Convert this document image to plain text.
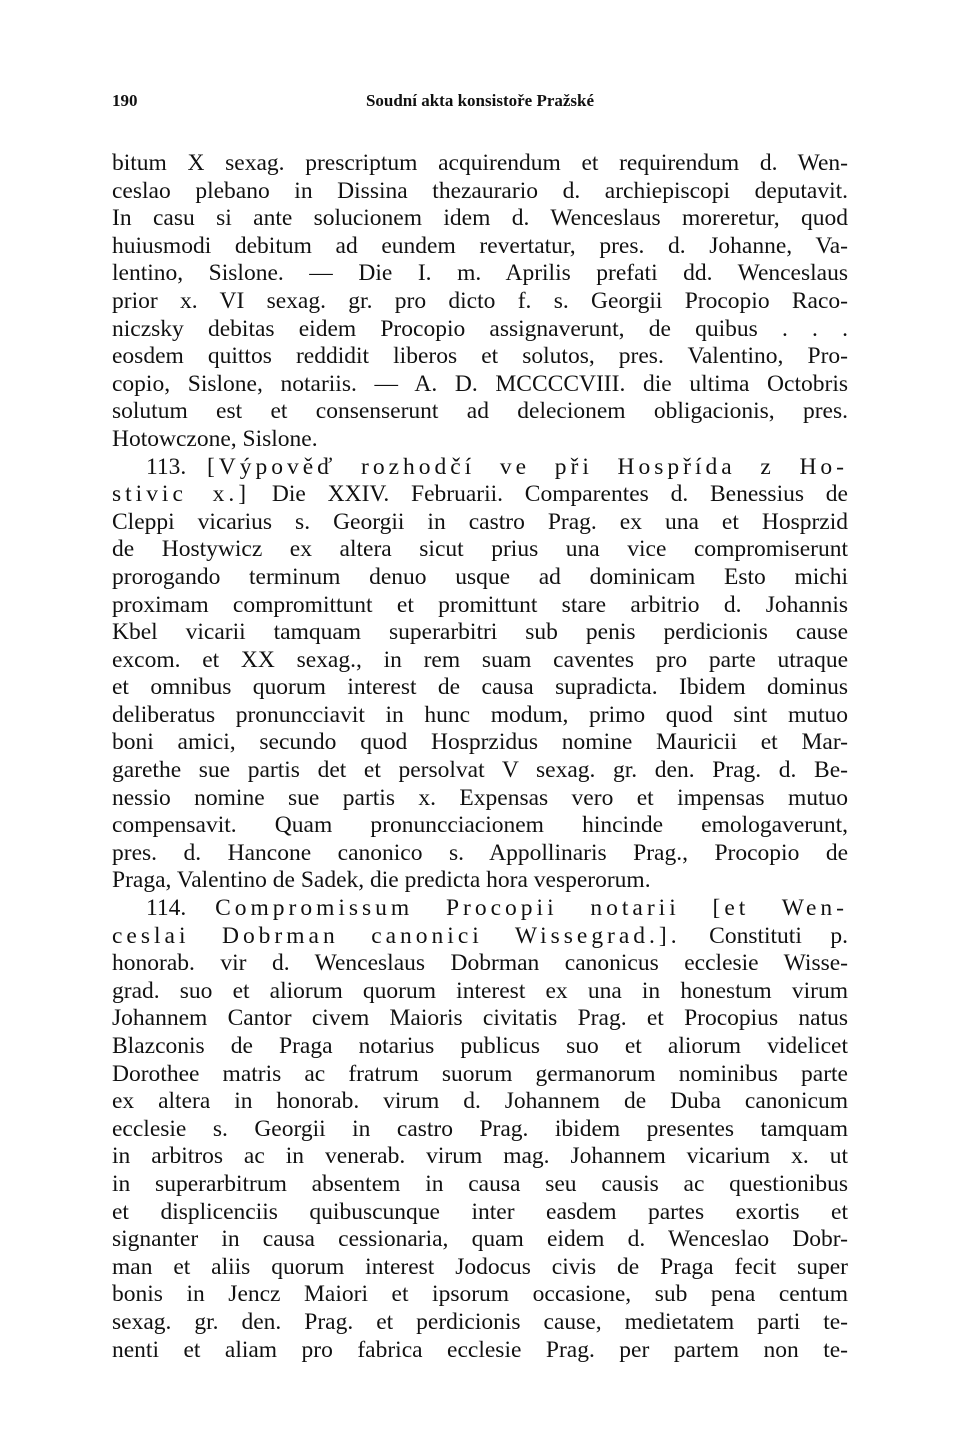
190	Soudní akta konsistoře Pražské
bitum X sexag. prescriptum acquirendum et requirendum d. Wen-
ceslao plebano in Dissina thezaurario d. archiepiscopi deputavit.
In casu si ante solucionem idem d. Wenceslaus moreretur, quod
huiusmodi debitum ad eundem revertatur, pres. d. Johanne, Va-
lentino, Sislone. — Die I. m. Aprilis prefati dd. Wenceslaus
prior x. VI sexag. gr. pro dicto f. s. Georgii Procopio Raco-
niczsky debitas eidem Procopio assignaverunt, de quibus . . .
eosdem quittos reddidit liberos et solutos, pres. Valentino, Pro-
copio, Sislone, notariis. — A. D. MCCCCVIII. die ultima Octobris
solutum est et consenserunt ad delecionem obligacionis, pres.
Hotowczone, Sislone.
113. [Výpověď rozhodčí ve při Hospřída z Ho-
stivic x.] Die XXIV. Februarii. Comparentes d. Benessius de
Cleppi vicarius s. Georgii in castro Prag. ex una et Hosprzid
de Hostywicz ex altera sicut prius una vice compromiserunt
prorogando terminum denuo usque ad dominicam Esto michi
proximam compromittunt et promittunt stare arbitrio d. Johannis
Kbel vicarii tamquam superarbitri sub penis perdicionis cause
excom. et XX sexag., in rem suam caventes pro parte utraque
et omnibus quorum interest de causa supradicta. Ibidem dominus
deliberatus pronuncciavit in hunc modum, primo quod sint mutuo
boni amici, secundo quod Hosprzidus nomine Mauricii et Mar-
garethe sue partis det et persolvat V sexag. gr. den. Prag. d. Be-
nessio nomine sue partis x. Expensas vero et impensas mutuo
compensavit. Quam pronuncciacionem hincinde emologaverunt,
pres. d. Hancone canonico s. Appollinaris Prag., Procopio de
Praga, Valentino de Sadek, die predicta hora vesperorum.
114. Compromissum Procopii notarii [et Wen-
ceslai Dobrman canonici Wissegrad.]. Constituti p.
honorab. vir d. Wenceslaus Dobrman canonicus ecclesie Wisse-
grad. suo et aliorum quorum interest ex una in honestum virum
Johannem Cantor civem Maioris civitatis Prag. et Procopius natus
Blazconis de Praga notarius publicus suo et aliorum videlicet
Dorothee matris ac fratrum suorum germanorum nominibus parte
ex altera in honorab. virum d. Johannem de Duba canonicum
ecclesie s. Georgii in castro Prag. ibidem presentes tamquam
in arbitros ac in venerab. virum mag. Johannem vicarium x. ut
in superarbitrum absentem in causa seu causis ac questionibus
et displicenciis quibuscunque inter easdem partes exortis et
signanter in causa cessionaria, quam eidem d. Wenceslao Dobr-
man et aliis quorum interest Jodocus civis de Praga fecit super
bonis in Jencz Maiori et ipsorum occasione, sub pena centum
sexag. gr. den. Prag. et perdicionis cause, medietatem parti te-
nenti et aliam pro fabrica ecclesie Prag. per partem non te-
